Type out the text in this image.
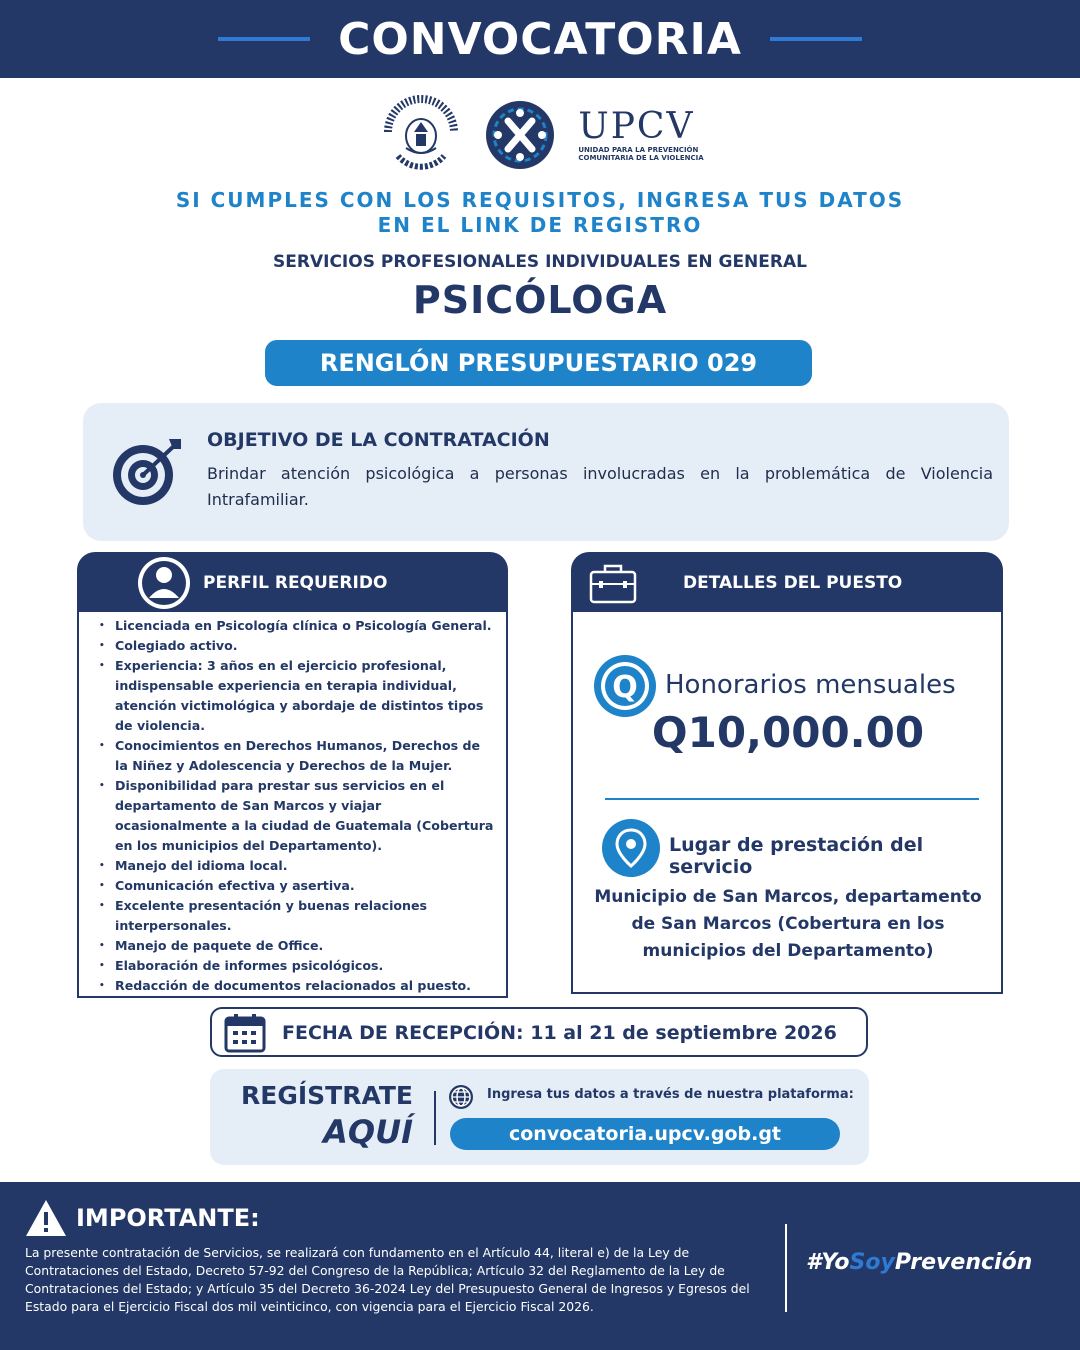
CONVOCATORIA
UPCV
UNIDAD PARA LA PREVENCIÓN
COMUNITARIA DE LA VIOLENCIA
SI CUMPLES CON LOS REQUISITOS, INGRESA TUS DATOS
EN EL LINK DE REGISTRO
SERVICIOS PROFESIONALES INDIVIDUALES EN GENERAL
PSICÓLOGA
RENGLÓN PRESUPUESTARIO 029
OBJETIVO DE LA CONTRATACIÓN

Brindar atención psicológica a personas involucradas en la problemática de Violencia Intrafamiliar.

PERFIL REQUERIDO
• Licenciada en Psicología clínica o Psicología General.
• Colegiado activo.
• Experiencia: 3 años en el ejercicio profesional, indispensable experiencia en terapia individual, atención victimológica y abordaje de distintos tipos de violencia.
• Conocimientos en Derechos Humanos, Derechos de la Niñez y Adolescencia y Derechos de la Mujer.
• Disponibilidad para prestar sus servicios en el departamento de San Marcos y viajar ocasionalmente a la ciudad de Guatemala (Cobertura en los municipios del Departamento).
• Manejo del idioma local.
• Comunicación efectiva y asertiva.
• Excelente presentación y buenas relaciones interpersonales.
• Manejo de paquete de Office.
• Elaboración de informes psicológicos.
• Redacción de documentos relacionados al puesto.
DETALLES DEL PUESTO
Q Honorarios mensuales
Q10,000.00
Lugar de prestación del servicio
Municipio de San Marcos, departamento de San Marcos (Cobertura en los municipios del Departamento)
FECHA DE RECEPCIÓN: 11 al 21 de septiembre 2026
REGÍSTRATE
AQUÍ
Ingresa tus datos a través de nuestra plataforma:
convocatoria.upcv.gob.gt
IMPORTANTE:

La presente contratación de Servicios, se realizará con fundamento en el Artículo 44, literal e) de la Ley de Contrataciones del Estado, Decreto 57-92 del Congreso de la República; Artículo 32 del Reglamento de la Ley de Contrataciones del Estado; y Artículo 35 del Decreto 36-2024 Ley del Presupuesto General de Ingresos y Egresos del Estado para el Ejercicio Fiscal dos mil veinticinco, con vigencia para el Ejercicio Fiscal 2026.

#YoSoyPrevención
